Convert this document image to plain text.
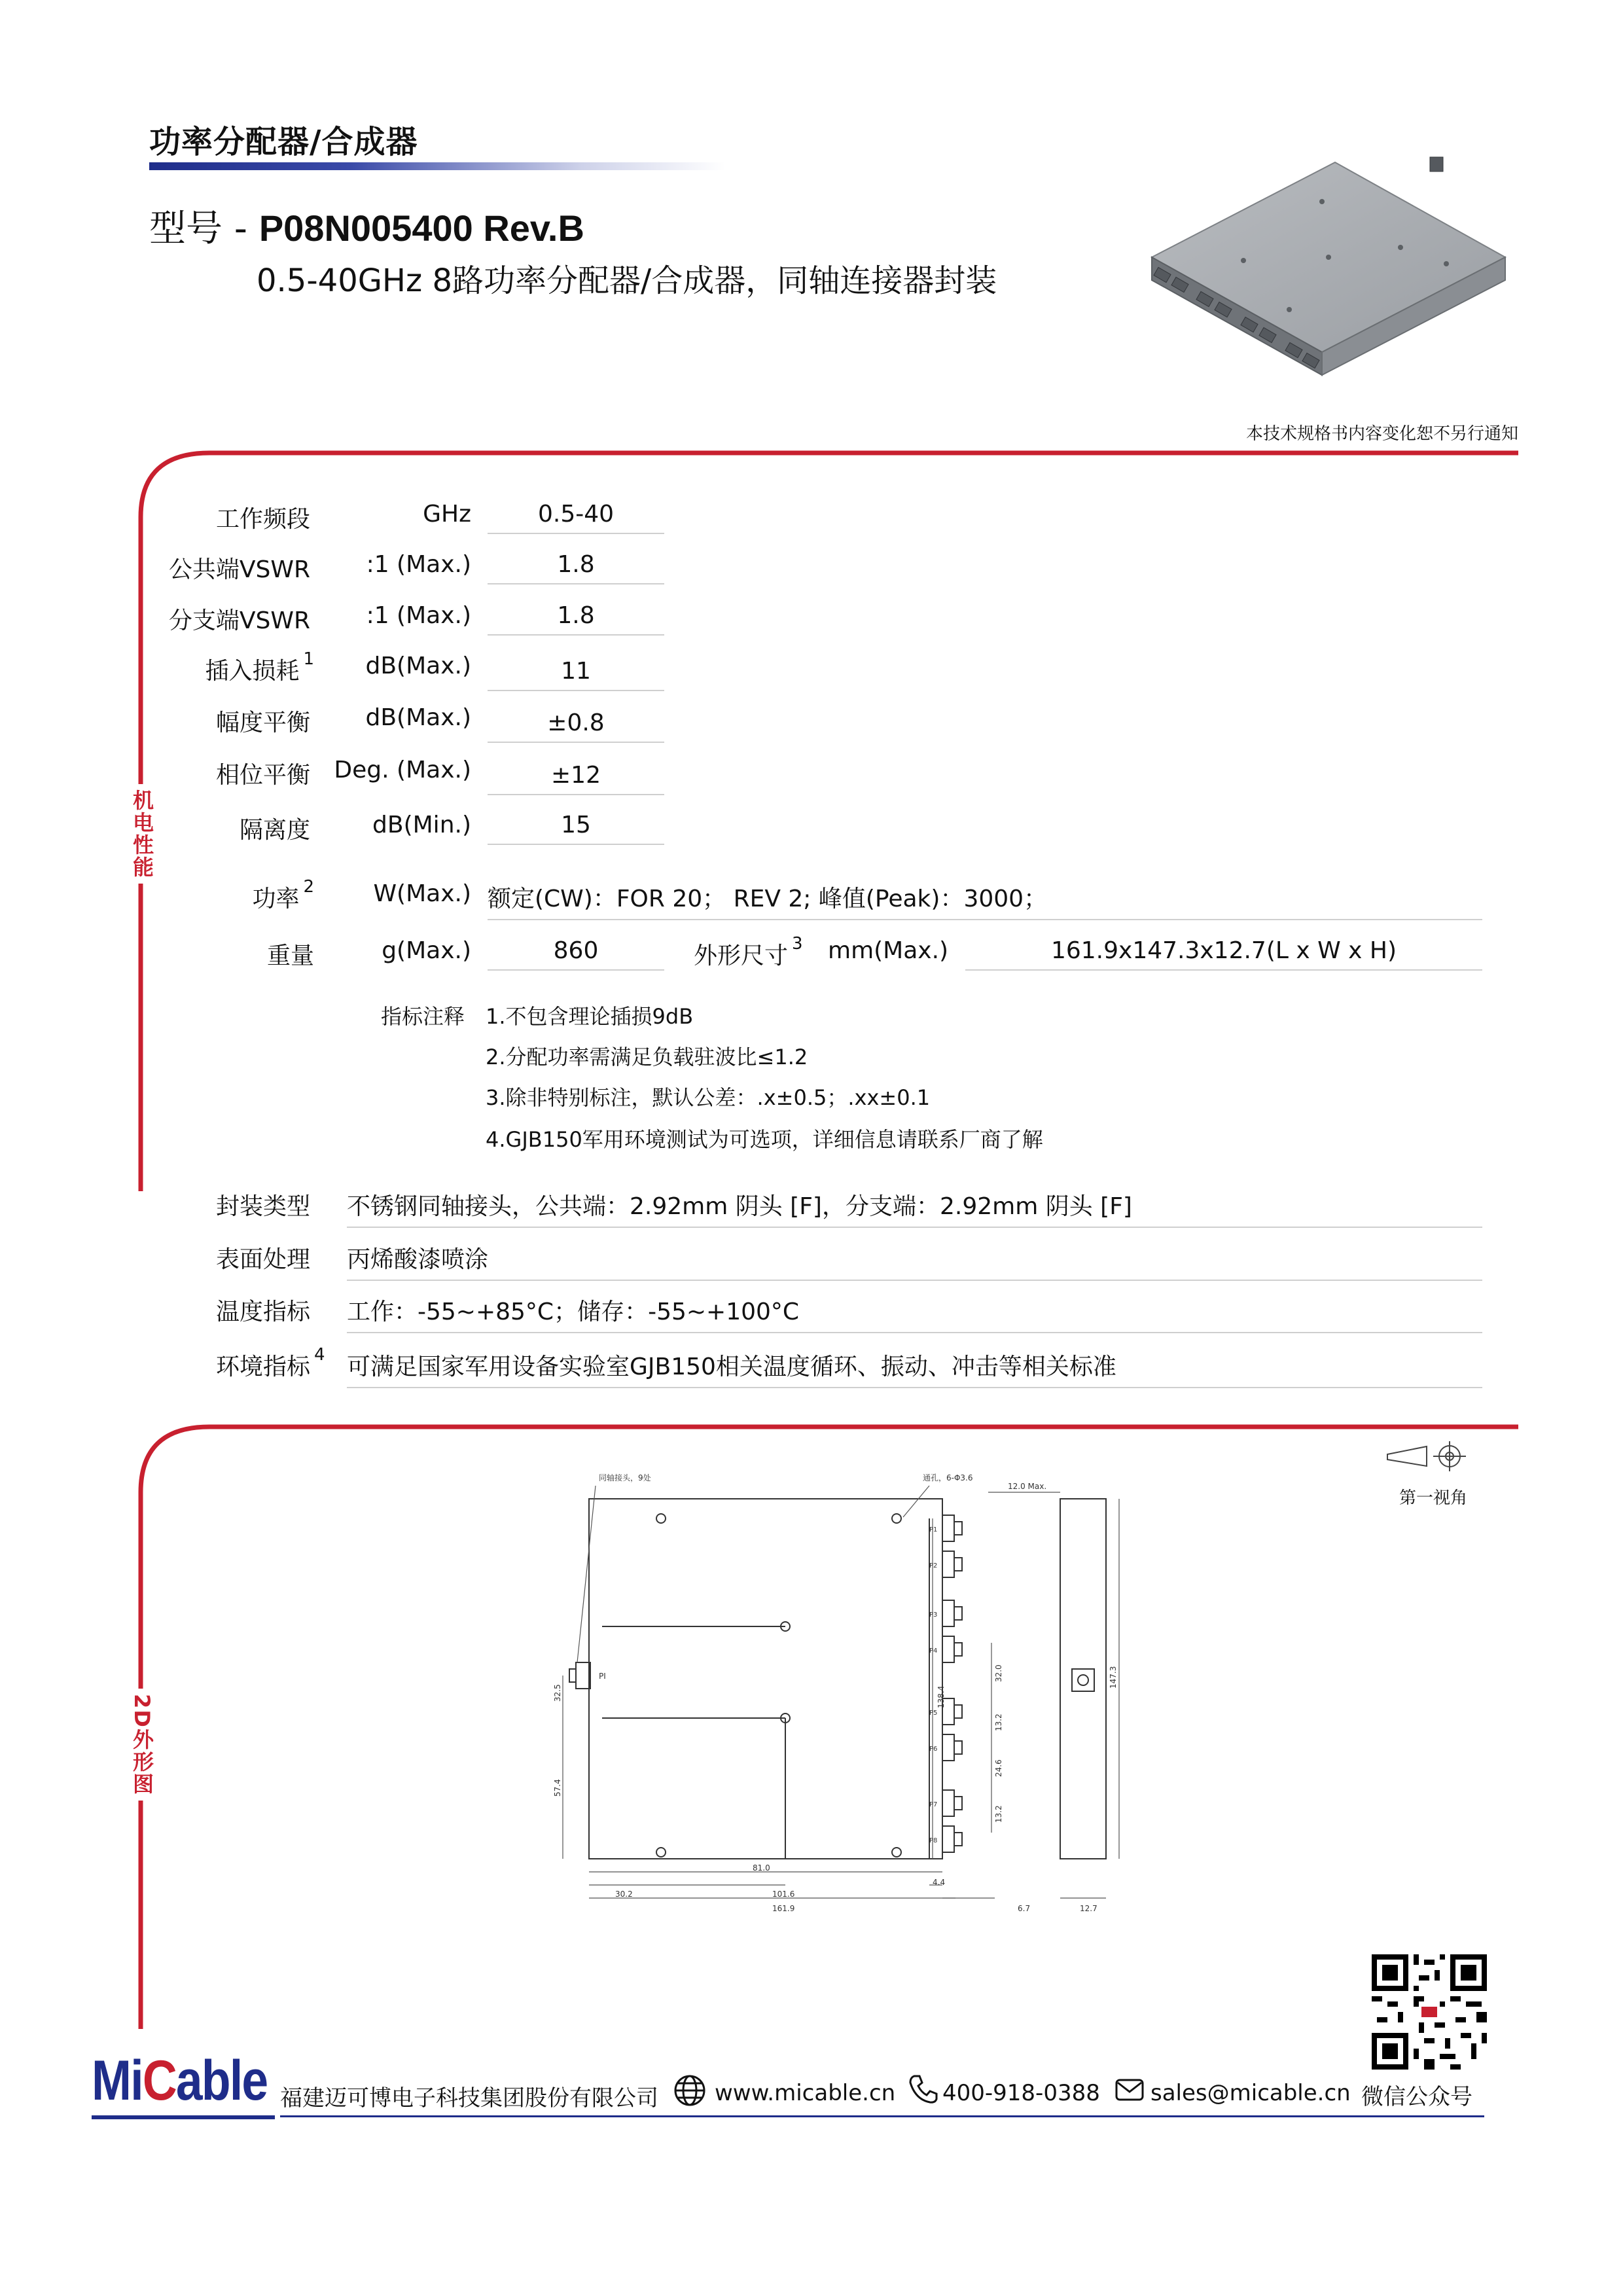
功率分配器/合成器
型号 - P08N005400 Rev.B
0.5-40GHz 8路功率分配器/合成器，同轴连接器封装
本技术规格书内容变化恕不另行通知
机电性能
2D外形图
工作频段	GHz	0.5-40
公共端VSWR	:1 (Max.)	1.8
分支端VSWR	:1 (Max.)	1.8
插入损耗 $^1$	dB(Max.)	11
幅度平衡	dB(Max.)	±0.8
相位平衡	Deg. (Max.)	±12
隔离度	dB(Min.)	15
功率 $^2$	W(Max.) 额定(CW)：FOR 20； REV 2; 峰值(Peak)：3000；
重量	g(Max.)	860	外形尺寸 $^3$ mm(Max.)	161.9x147.3x12.7(L x W x H)
指标注释 1.不包含理论插损9dB
2.分配功率需满足负载驻波比≤1.2
3.除非特别标注，默认公差：.x±0.5；.xx±0.1
4.GJB150军用环境测试为可选项，详细信息请联系厂商了解
封装类型 不锈钢同轴接头，公共端：2.92mm 阴头 [F]，分支端：2.92mm 阴头 [F]
表面处理 丙烯酸漆喷涂
温度指标 工作：-55~+85°C；储存：-55~+100°C
环境指标 $^4$ 可满足国家军用设备实验室GJB150相关温度循环、振动、冲击等相关标准
同轴接头，9处	通孔，6-Φ3.6
12.0 Max.
81.0
30.2	101.6
161.9
4.4
6.7	12.7
PI
32.5
57.4
138.4
32.0
13.2
24.6
13.2
147.3
P1
P2
P3
P4
P5
P6
P7
P8
第一视角
MiCable 福建迈可博电子科技集团股份有限公司	www.micable.cn 400-918-0388 sales@micable.cn 微信公众号
